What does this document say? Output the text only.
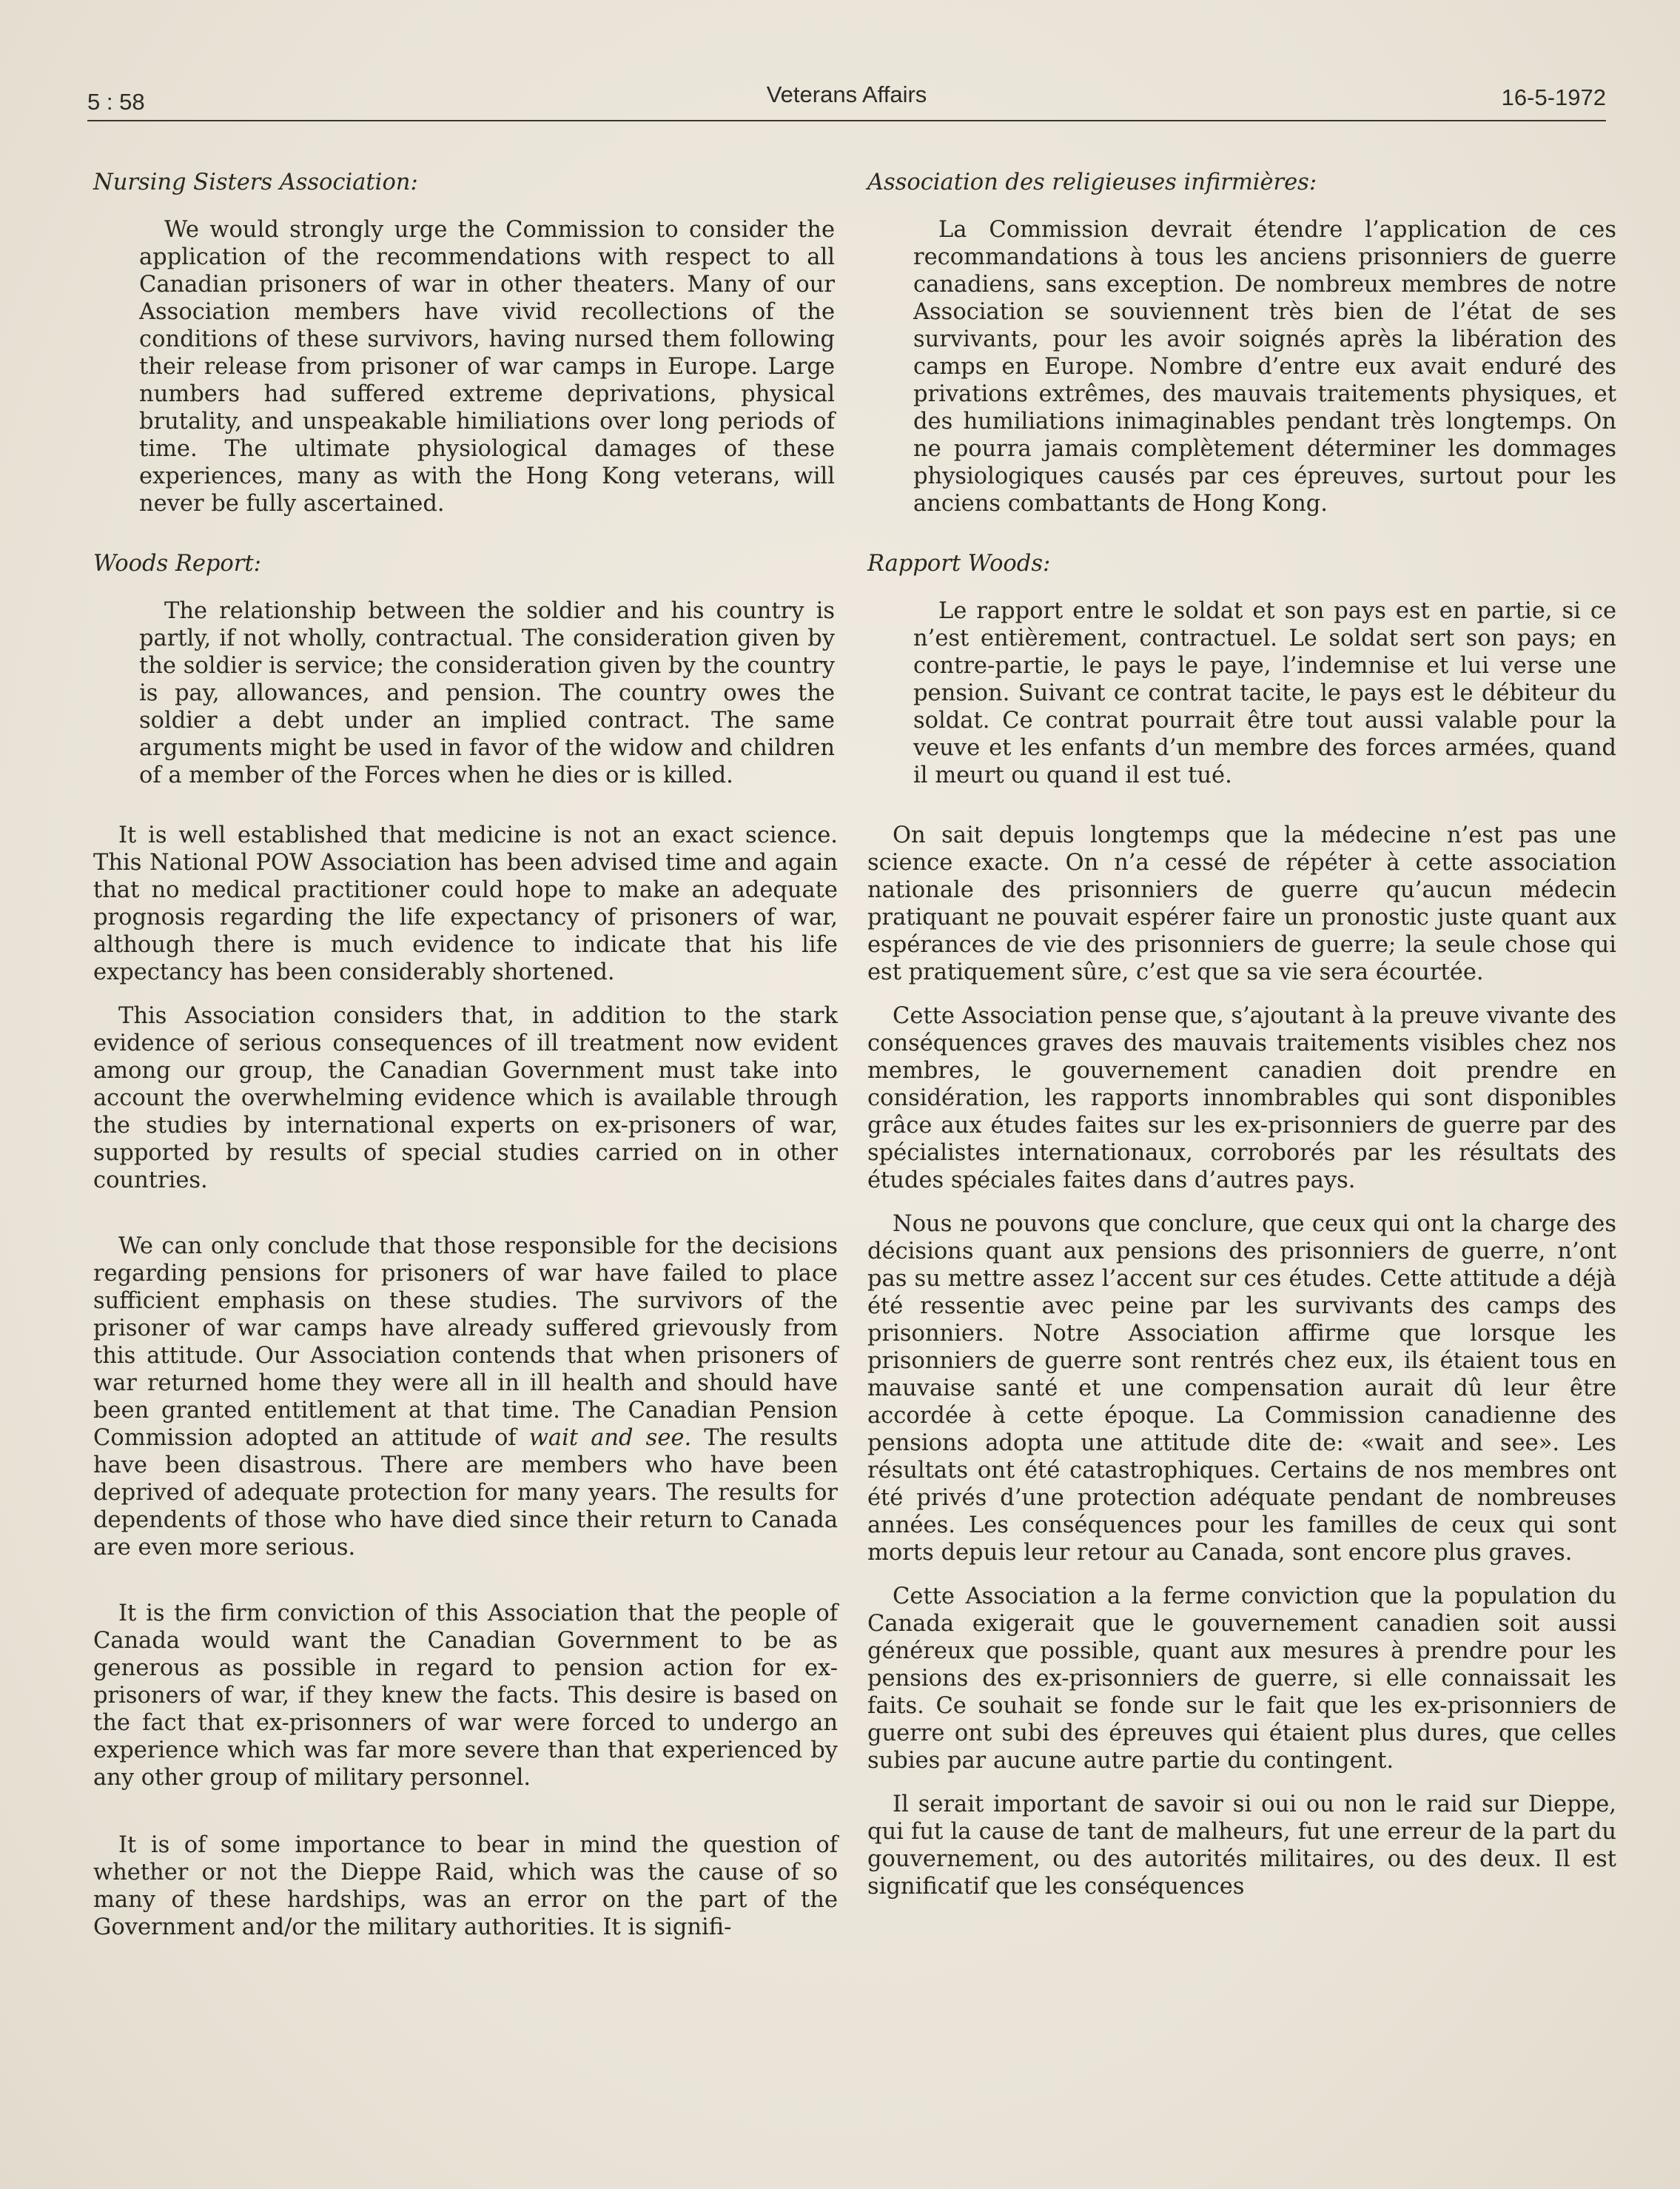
5 : 58	Veterans Affairs	16-5-1972
Nursing Sisters Association:
We would strongly urge the Commission to consider the application of the recommendations with respect to all Canadian prisoners of war in other theaters. Many of our Association members have vivid recollections of the conditions of these survivors, having nursed them following their release from prisoner of war camps in Europe. Large numbers had suffered extreme deprivations, physical brutality, and unspeakable himiliations over long periods of time. The ultimate physiological damages of these experiences, many as with the Hong Kong veterans, will never be fully ascertained.
Woods Report:
The relationship between the soldier and his country is partly, if not wholly, contractual. The consideration given by the soldier is service; the consideration given by the country is pay, allowances, and pension. The country owes the soldier a debt under an implied contract. The same arguments might be used in favor of the widow and children of a member of the Forces when he dies or is killed.

It is well established that medicine is not an exact science. This National POW Association has been advised time and again that no medical practitioner could hope to make an adequate prognosis regarding the life expectancy of prisoners of war, although there is much evidence to indicate that his life expectancy has been considerably shortened.

This Association considers that, in addition to the stark evidence of serious consequences of ill treatment now evident among our group, the Canadian Government must take into account the overwhelming evidence which is available through the studies by international experts on ex-prisoners of war, supported by results of special studies carried on in other countries.

We can only conclude that those responsible for the decisions regarding pensions for prisoners of war have failed to place sufficient emphasis on these studies. The survivors of the prisoner of war camps have already suffered grievously from this attitude. Our Association contends that when prisoners of war returned home they were all in ill health and should have been granted entitlement at that time. The Canadian Pension Commission adopted an attitude of wait and see. The results have been disastrous. There are members who have been deprived of adequate protection for many years. The results for dependents of those who have died since their return to Canada are even more serious.

It is the firm conviction of this Association that the people of Canada would want the Canadian Government to be as generous as possible in regard to pension action for ex-prisoners of war, if they knew the facts. This desire is based on the fact that ex-prisonners of war were forced to undergo an experience which was far more severe than that experienced by any other group of military personnel.

It is of some importance to bear in mind the question of whether or not the Dieppe Raid, which was the cause of so many of these hardships, was an error on the part of the Government and/or the military authorities. It is signifi-

Association des religieuses infirmières:
La Commission devrait étendre l’application de ces recommandations à tous les anciens prisonniers de guerre canadiens, sans exception. De nombreux membres de notre Association se souviennent très bien de l’état de ses survivants, pour les avoir soignés après la libération des camps en Europe. Nombre d’entre eux avait enduré des privations extrêmes, des mauvais traitements physiques, et des humiliations inimaginables pendant très longtemps. On ne pourra jamais complètement déterminer les dommages physiologiques causés par ces épreuves, surtout pour les anciens combattants de Hong Kong.
Rapport Woods:
Le rapport entre le soldat et son pays est en partie, si ce n’est entièrement, contractuel. Le soldat sert son pays; en contre-partie, le pays le paye, l’indemnise et lui verse une pension. Suivant ce contrat tacite, le pays est le débiteur du soldat. Ce contrat pourrait être tout aussi valable pour la veuve et les enfants d’un membre des forces armées, quand il meurt ou quand il est tué.

On sait depuis longtemps que la médecine n’est pas une science exacte. On n’a cessé de répéter à cette association nationale des prisonniers de guerre qu’aucun médecin pratiquant ne pouvait espérer faire un pronostic juste quant aux espérances de vie des prisonniers de guerre; la seule chose qui est pratiquement sûre, c’est que sa vie sera écourtée.

Cette Association pense que, s’ajoutant à la preuve vivante des conséquences graves des mauvais traitements visibles chez nos membres, le gouvernement canadien doit prendre en considération, les rapports innombrables qui sont disponibles grâce aux études faites sur les ex-prisonniers de guerre par des spécialistes internationaux, corroborés par les résultats des études spéciales faites dans d’autres pays.

Nous ne pouvons que conclure, que ceux qui ont la charge des décisions quant aux pensions des prisonniers de guerre, n’ont pas su mettre assez l’accent sur ces études. Cette attitude a déjà été ressentie avec peine par les survivants des camps des prisonniers. Notre Association affirme que lorsque les prisonniers de guerre sont rentrés chez eux, ils étaient tous en mauvaise santé et une compensation aurait dû leur être accordée à cette époque. La Commission canadienne des pensions adopta une attitude dite de: «wait and see». Les résultats ont été catastrophiques. Certains de nos membres ont été privés d’une protection adéquate pendant de nombreuses années. Les conséquences pour les familles de ceux qui sont morts depuis leur retour au Canada, sont encore plus graves.

Cette Association a la ferme conviction que la population du Canada exigerait que le gouvernement canadien soit aussi généreux que possible, quant aux mesures à prendre pour les pensions des ex-prisonniers de guerre, si elle connaissait les faits. Ce souhait se fonde sur le fait que les ex-prisonniers de guerre ont subi des épreuves qui étaient plus dures, que celles subies par aucune autre partie du contingent.

Il serait important de savoir si oui ou non le raid sur Dieppe, qui fut la cause de tant de malheurs, fut une erreur de la part du gouvernement, ou des autorités militaires, ou des deux. Il est significatif que les conséquences
